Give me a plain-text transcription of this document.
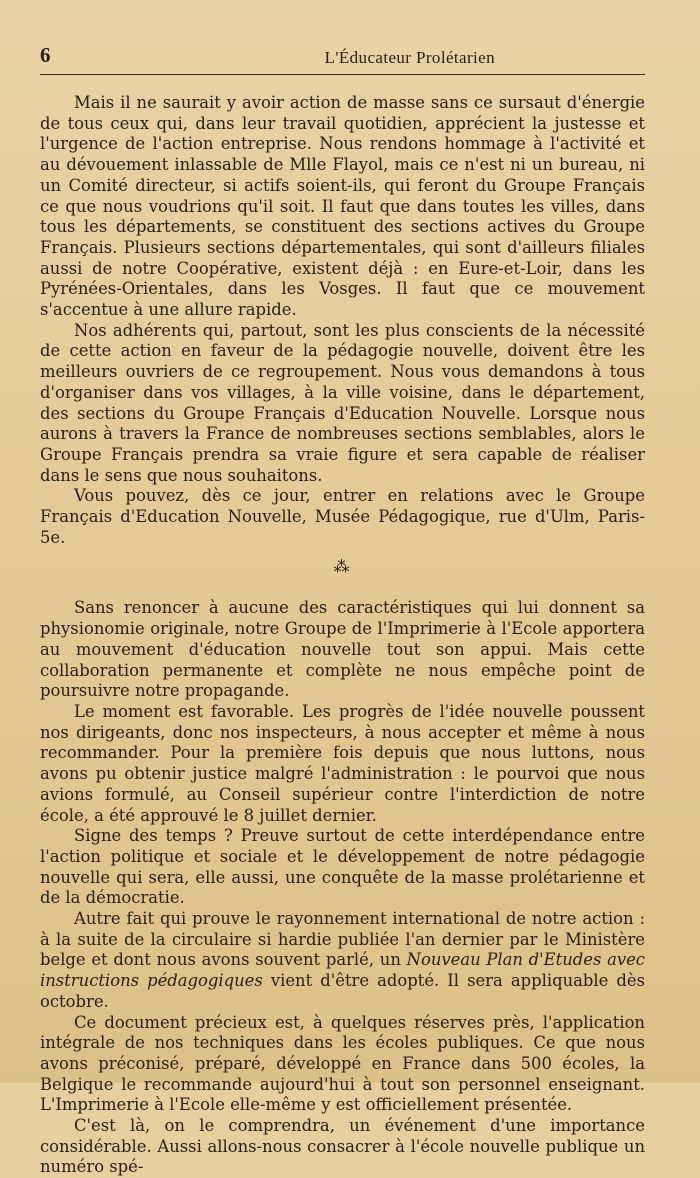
6	L'Éducateur Prolétarien

Mais il ne saurait y avoir action de masse sans ce sursaut d'énergie de tous ceux qui, dans leur travail quotidien, apprécient la justesse et l'urgence de l'action entreprise. Nous rendons hommage à l'activité et au dévouement inlassable de Mlle Flayol, mais ce n'est ni un bureau, ni un Comité directeur, si actifs soient-ils, qui feront du Groupe Français ce que nous voudrions qu'il soit. Il faut que dans toutes les villes, dans tous les départements, se constituent des sections actives du Groupe Français. Plusieurs sections départementales, qui sont d'ailleurs filiales aussi de notre Coopérative, existent déjà : en Eure-et-Loir, dans les Pyrénées-Orientales, dans les Vosges. Il faut que ce mouvement s'accentue à une allure rapide.

Nos adhérents qui, partout, sont les plus conscients de la nécessité de cette action en faveur de la pédagogie nouvelle, doivent être les meilleurs ouvriers de ce regroupement. Nous vous demandons à tous d'organiser dans vos villages, à la ville voisine, dans le département, des sections du Groupe Français d'Education Nouvelle. Lorsque nous aurons à travers la France de nombreuses sections semblables, alors le Groupe Français prendra sa vraie figure et sera capable de réaliser dans le sens que nous souhaitons.

Vous pouvez, dès ce jour, entrer en relations avec le Groupe Français d'Education Nouvelle, Musée Pédagogique, rue d'Ulm, Paris-5e.

⁂

Sans renoncer à aucune des caractéristiques qui lui donnent sa physionomie originale, notre Groupe de l'Imprimerie à l'Ecole apportera au mouvement d'éducation nouvelle tout son appui. Mais cette collaboration permanente et complète ne nous empêche point de poursuivre notre propagande.

Le moment est favorable. Les progrès de l'idée nouvelle poussent nos dirigeants, donc nos inspecteurs, à nous accepter et même à nous recommander. Pour la première fois depuis que nous luttons, nous avons pu obtenir justice malgré l'administration : le pourvoi que nous avions formulé, au Conseil supérieur contre l'interdiction de notre école, a été approuvé le 8 juillet dernier.

Signe des temps ? Preuve surtout de cette interdépendance entre l'action politique et sociale et le développement de notre pédagogie nouvelle qui sera, elle aussi, une conquête de la masse prolétarienne et de la démocratie.

Autre fait qui prouve le rayonnement international de notre action : à la suite de la circulaire si hardie publiée l'an dernier par le Ministère belge et dont nous avons souvent parlé, un Nouveau Plan d'Etudes avec instructions pédagogiques vient d'être adopté. Il sera appliquable dès octobre.

Ce document précieux est, à quelques réserves près, l'application intégrale de nos techniques dans les écoles publiques. Ce que nous avons préconisé, préparé, développé en France dans 500 écoles, la Belgique le recommande aujourd'hui à tout son personnel enseignant. L'Imprimerie à l'Ecole elle-même y est officiellement présentée.

C'est là, on le comprendra, un événement d'une importance considérable. Aussi allons-nous consacrer à l'école nouvelle publique un numéro spé-
